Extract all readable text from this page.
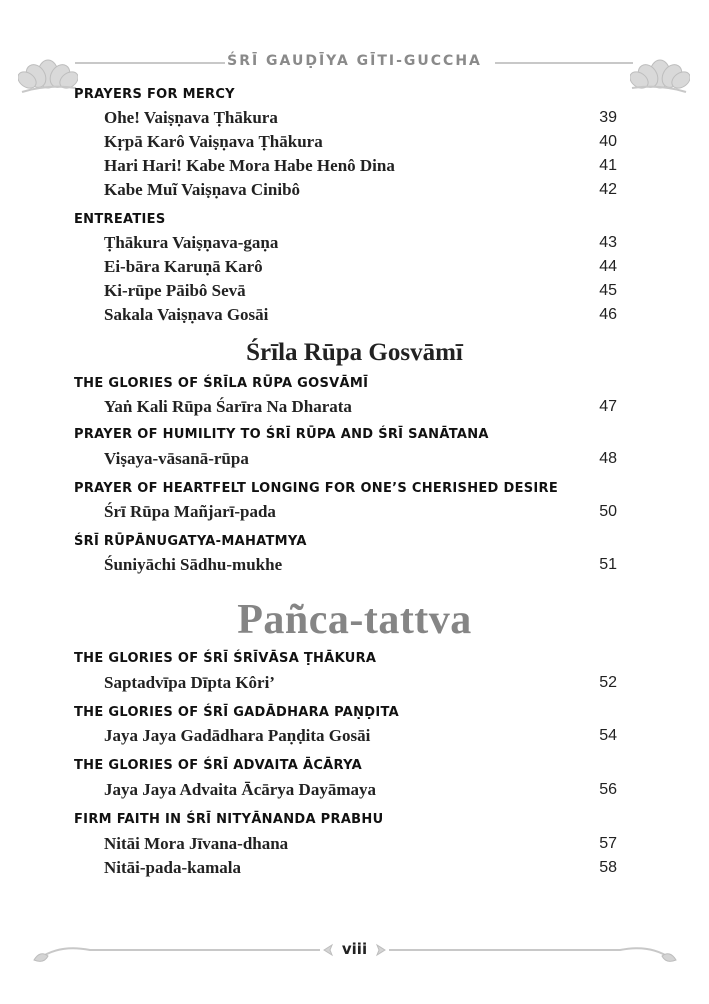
ŚRĪ GAUḌĪYA GĪTI-GUCCHA
PRAYERS FOR MERCY
Ohe! Vaiṣṇava Ṭhākura	39
Kṛpā Karô Vaiṣṇava Ṭhākura	40
Hari Hari! Kabe Mora Habe Henô Dina	41
Kabe Muĩ Vaiṣṇava Cinibô	42
ENTREATIES
Ṭhākura Vaiṣṇava-gaṇa	43
Ei-bāra Karuṇā Karô	44
Ki-rūpe Pāibô Sevā	45
Sakala Vaiṣṇava Gosāi	46
Śrīla Rūpa Gosvāmī
THE GLORIES OF ŚRĪLA RŪPA GOSVĀMĪ
Yaṅ Kali Rūpa Śarīra Na Dharata	47
PRAYER OF HUMILITY TO ŚRĪ RŪPA AND ŚRĪ SANĀTANA
Viṣaya-vāsanā-rūpa	48
PRAYER OF HEARTFELT LONGING FOR ONE’S CHERISHED DESIRE
Śrī Rūpa Mañjarī-pada	50
ŚRĪ RŪPĀNUGATYA-MAHATMYA
Śuniyāchi Sādhu-mukhe	51
Pañca-tattva
THE GLORIES OF ŚRĪ ŚRĪVĀSA ṬHĀKURA
Saptadvīpa Dīpta Kôri’	52
THE GLORIES OF ŚRĪ GADĀDHARA PAṆḌITA
Jaya Jaya Gadādhara Paṇḍita Gosāi	54
THE GLORIES OF ŚRĪ ADVAITA ĀCĀRYA
Jaya Jaya Advaita Ācārya Dayāmaya	56
FIRM FAITH IN ŚRĪ NITYĀNANDA PRABHU
Nitāi Mora Jīvana-dhana	57
Nitāi-pada-kamala	58
viii
